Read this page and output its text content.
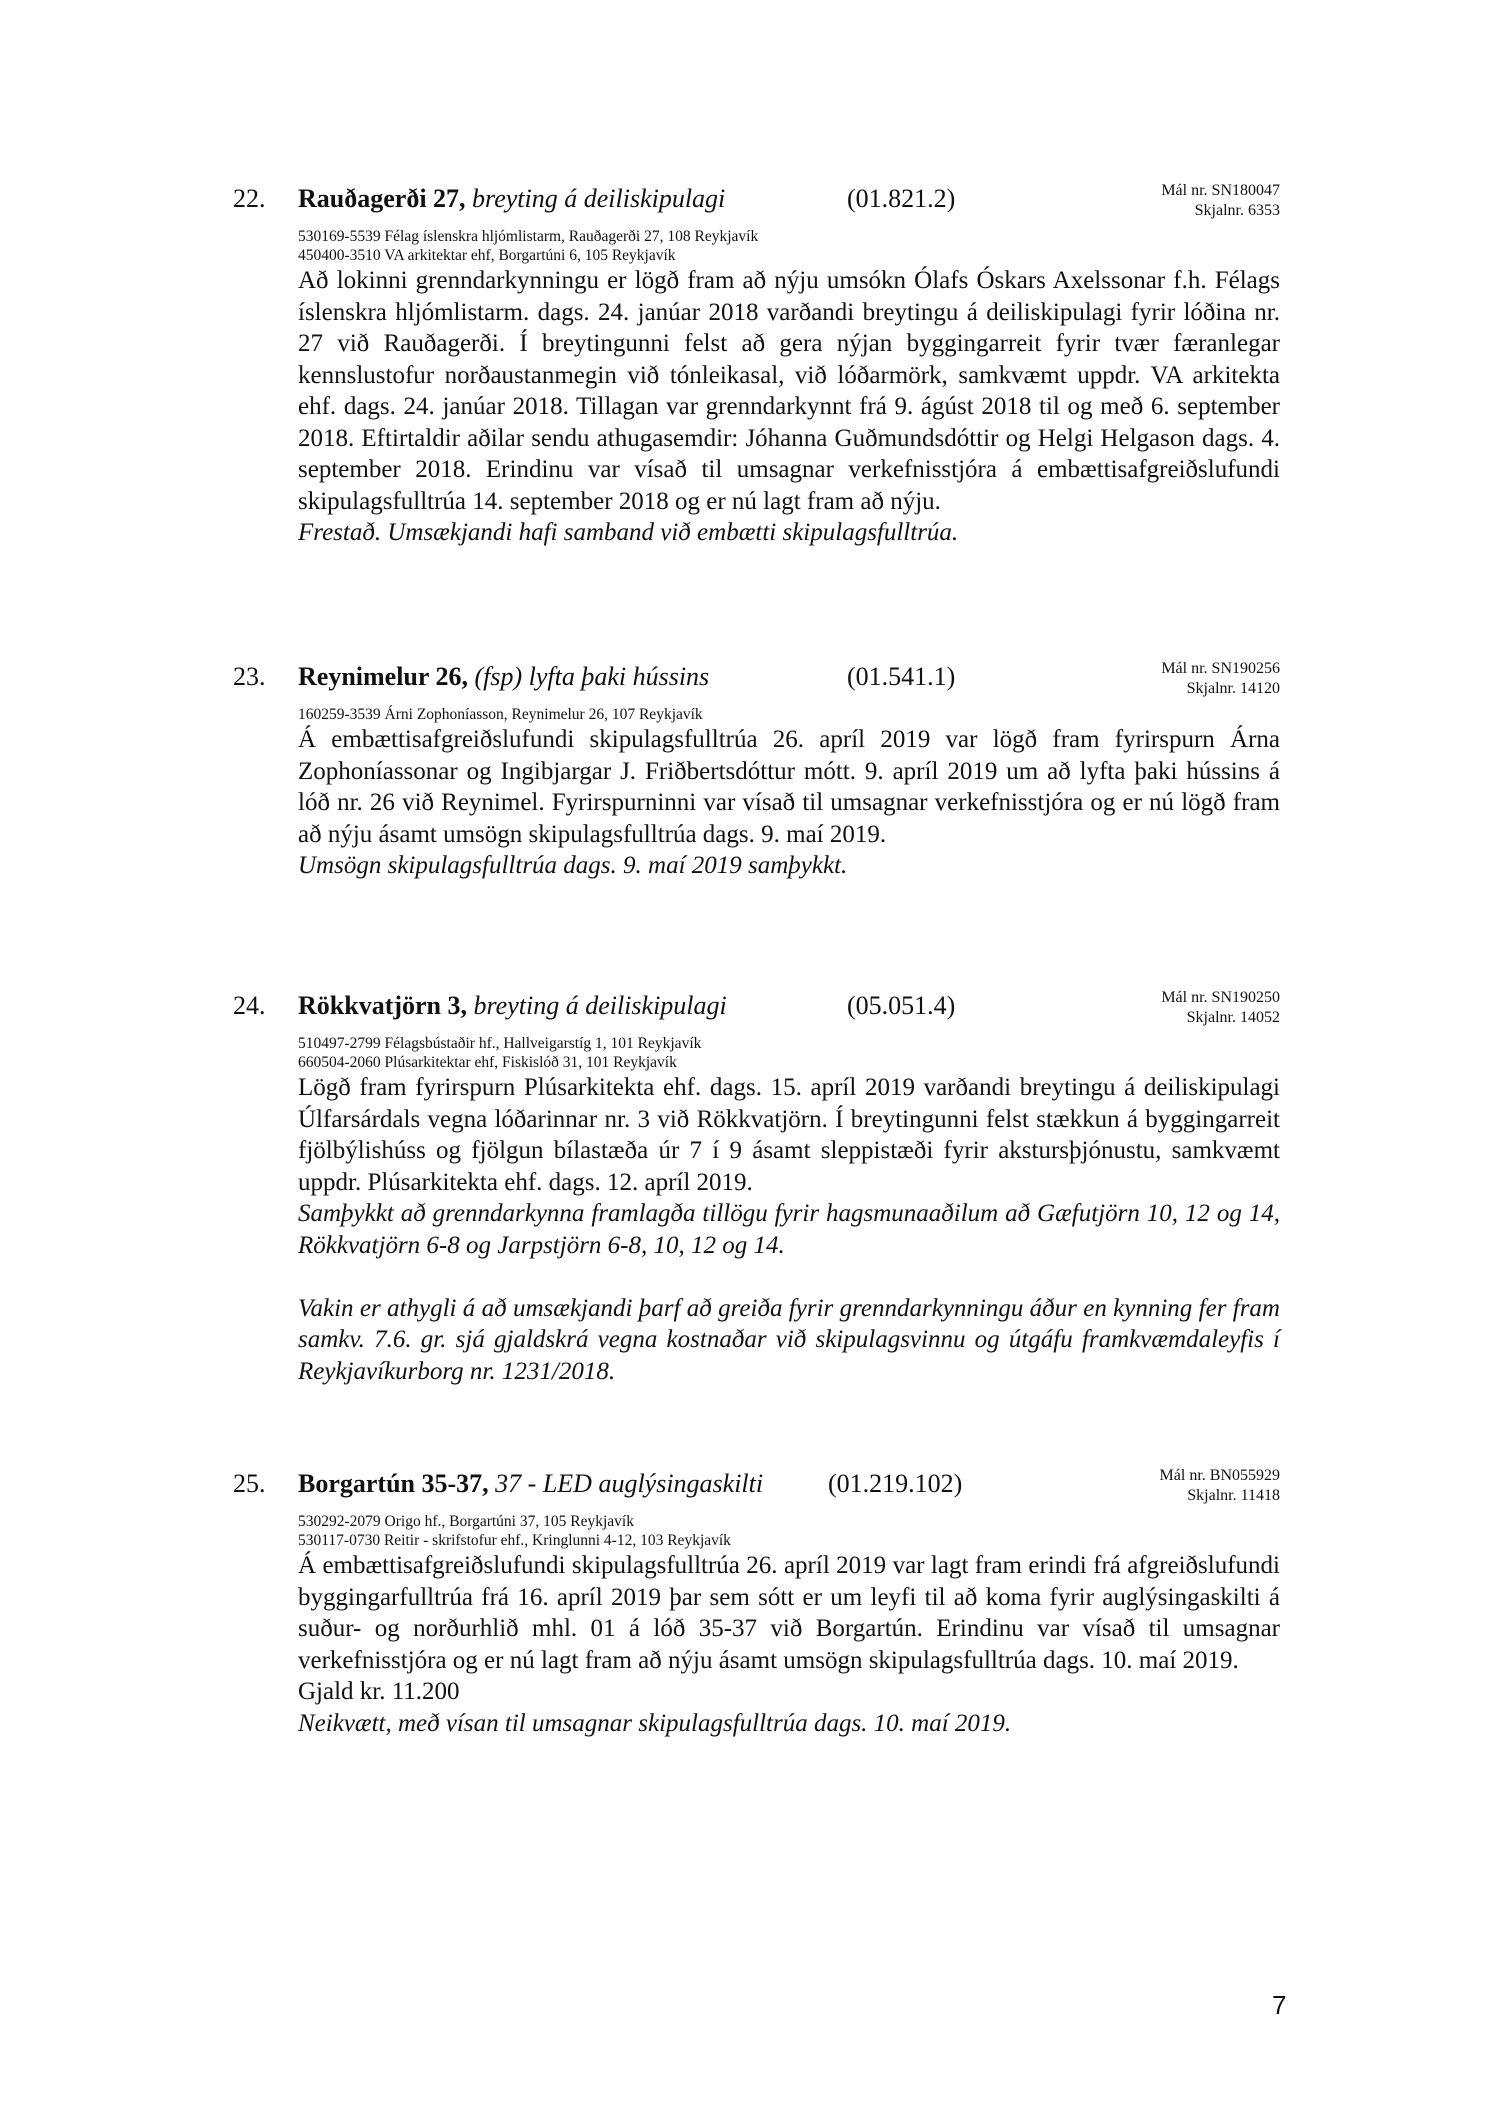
22. Rauðagerði 27, breyting á deiliskipulagi	(01.821.2)	Mál nr. SN180047
Skjalnr. 6353
530169-5539 Félag íslenskra hljómlistarm, Rauðagerði 27, 108 Reykjavík
450400-3510 VA arkitektar ehf, Borgartúni 6, 105 Reykjavík

Að lokinni grenndarkynningu er lögð fram að nýju umsókn Ólafs Óskars Axelssonar f.h. Félags íslenskra hljómlistarm. dags. 24. janúar 2018 varðandi breytingu á deiliskipulagi fyrir lóðina nr. 27 við Rauðagerði. Í breytingunni felst að gera nýjan byggingarreit fyrir tvær færanlegar kennslustofur norðaustanmegin við tónleikasal, við lóðarmörk, samkvæmt uppdr. VA arkitekta ehf. dags. 24. janúar 2018. Tillagan var grenndarkynnt frá 9. ágúst 2018 til og með 6. september 2018. Eftirtaldir aðilar sendu athugasemdir: Jóhanna Guðmundsdóttir og Helgi Helgason dags. 4. september 2018. Erindinu var vísað til umsagnar verkefnisstjóra á embættisafgreiðslufundi skipulagsfulltrúa 14. september 2018 og er nú lagt fram að nýju.

Frestað. Umsækjandi hafi samband við embætti skipulagsfulltrúa.

23. Reynimelur 26, (fsp) lyfta þaki hússins	(01.541.1)	Mál nr. SN190256
Skjalnr. 14120
160259-3539 Árni Zophoníasson, Reynimelur 26, 107 Reykjavík

Á embættisafgreiðslufundi skipulagsfulltrúa 26. apríl 2019 var lögð fram fyrirspurn Árna Zophoníassonar og Ingibjargar J. Friðbertsdóttur mótt. 9. apríl 2019 um að lyfta þaki hússins á lóð nr. 26 við Reynimel. Fyrirspurninni var vísað til umsagnar verkefnisstjóra og er nú lögð fram að nýju ásamt umsögn skipulagsfulltrúa dags. 9. maí 2019.

Umsögn skipulagsfulltrúa dags. 9. maí 2019 samþykkt.

24. Rökkvatjörn 3, breyting á deiliskipulagi	(05.051.4)	Mál nr. SN190250
Skjalnr. 14052
510497-2799 Félagsbústaðir hf., Hallveigarstíg 1, 101 Reykjavík
660504-2060 Plúsarkitektar ehf, Fiskislóð 31, 101 Reykjavík

Lögð fram fyrirspurn Plúsarkitekta ehf. dags. 15. apríl 2019 varðandi breytingu á deiliskipulagi Úlfarsárdals vegna lóðarinnar nr. 3 við Rökkvatjörn. Í breytingunni felst stækkun á byggingarreit fjölbýlishúss og fjölgun bílastæða úr 7 í 9 ásamt sleppistæði fyrir akstursþjónustu, samkvæmt uppdr. Plúsarkitekta ehf. dags. 12. apríl 2019.

Samþykkt að grenndarkynna framlagða tillögu fyrir hagsmunaaðilum að Gæfutjörn 10, 12 og 14, Rökkvatjörn 6-8 og Jarpstjörn 6-8, 10, 12 og 14.

Vakin er athygli á að umsækjandi þarf að greiða fyrir grenndarkynningu áður en kynning fer fram samkv. 7.6. gr. sjá gjaldskrá vegna kostnaðar við skipulagsvinnu og útgáfu framkvæmdaleyfis í Reykjavíkurborg nr. 1231/2018.

25. Borgartún 35-37, 37 - LED auglýsingaskilti (01.219.102)	Mál nr. BN055929
Skjalnr. 11418
530292-2079 Origo hf., Borgartúni 37, 105 Reykjavík
530117-0730 Reitir - skrifstofur ehf., Kringlunni 4-12, 103 Reykjavík

Á embættisafgreiðslufundi skipulagsfulltrúa 26. apríl 2019 var lagt fram erindi frá afgreiðslufundi byggingarfulltrúa frá 16. apríl 2019 þar sem sótt er um leyfi til að koma fyrir auglýsingaskilti á suður- og norðurhlið mhl. 01 á lóð 35-37 við Borgartún. Erindinu var vísað til umsagnar verkefnisstjóra og er nú lagt fram að nýju ásamt umsögn skipulagsfulltrúa dags. 10. maí 2019.

Gjald kr. 11.200

Neikvætt, með vísan til umsagnar skipulagsfulltrúa dags. 10. maí 2019.

7
